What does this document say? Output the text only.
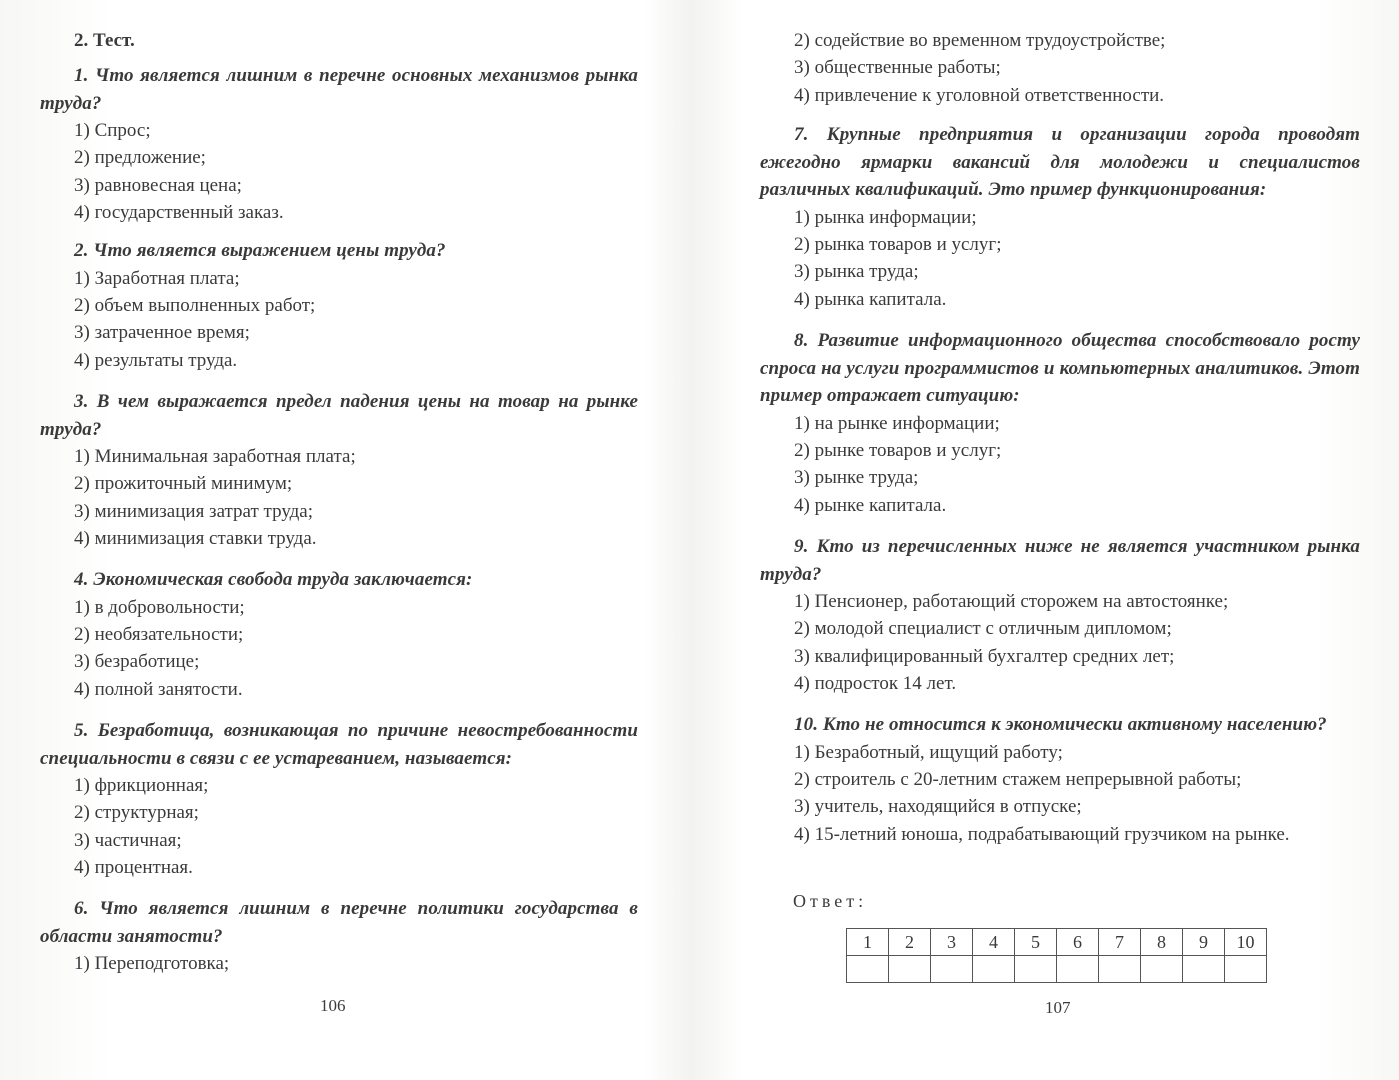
2. Тест.
1. Что является лишним в перечне основных механизмов рынка труда?
1) Спрос;
2) предложение;
3) равновесная цена;
4) государственный заказ.
2. Что является выражением цены труда?
1) Заработная плата;
2) объем выполненных работ;
3) затраченное время;
4) результаты труда.
3. В чем выражается предел падения цены на товар на рынке труда?
1) Минимальная заработная плата;
2) прожиточный минимум;
3) минимизация затрат труда;
4) минимизация ставки труда.
4. Экономическая свобода труда заключается:
1) в добровольности;
2) необязательности;
3) безработице;
4) полной занятости.
5. Безработица, возникающая по причине невостребованности специальности в связи с ее устареванием, называется:
1) фрикционная;
2) структурная;
3) частичная;
4) процентная.
6. Что является лишним в перечне политики государства в области занятости?
1) Переподготовка;
106
2) содействие во временном трудоустройстве;
3) общественные работы;
4) привлечение к уголовной ответственности.
7. Крупные предприятия и организации города проводят ежегодно ярмарки вакансий для молодежи и специалистов различных квалификаций. Это пример функционирования:
1) рынка информации;
2) рынка товаров и услуг;
3) рынка труда;
4) рынка капитала.
8. Развитие информационного общества способствовало росту спроса на услуги программистов и компьютерных аналитиков. Этот пример отражает ситуацию:
1) на рынке информации;
2) рынке товаров и услуг;
3) рынке труда;
4) рынке капитала.
9. Кто из перечисленных ниже не является участником рынка труда?
1) Пенсионер, работающий сторожем на автостоянке;
2) молодой специалист с отличным дипломом;
3) квалифицированный бухгалтер средних лет;
4) подросток 14 лет.
10. Кто не относится к экономически активному населению?
1) Безработный, ищущий работу;
2) строитель с 20-летним стажем непрерывной работы;
3) учитель, находящийся в отпуске;
4) 15-летний юноша, подрабатывающий грузчиком на рынке.
Ответ:
1	2	3	4	5	6	7	8	9	10

107
